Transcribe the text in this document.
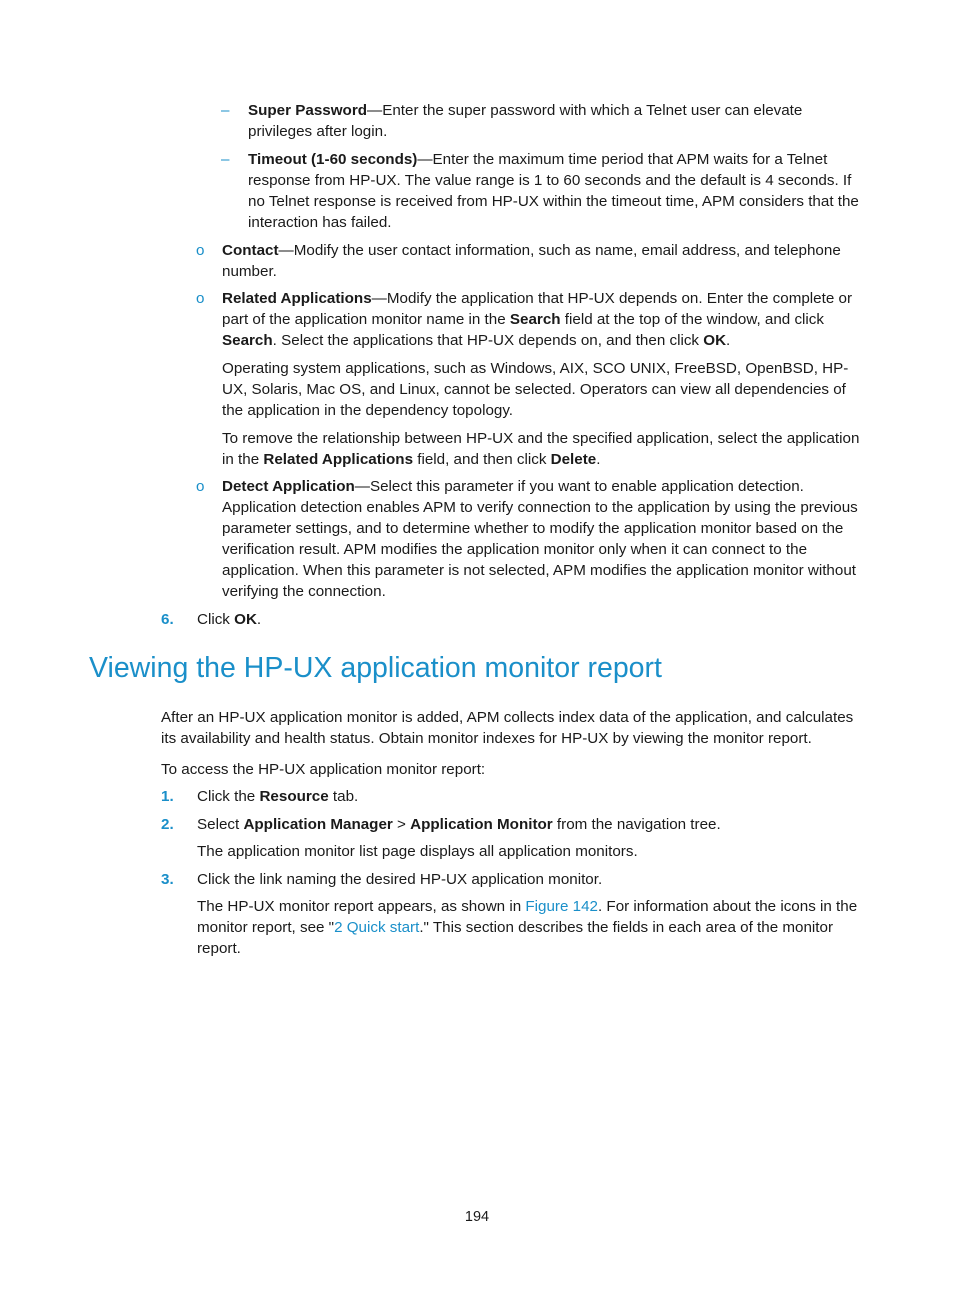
– Super Password—Enter the super password with which a Telnet user can elevate privileges after login.

– Timeout (1-60 seconds)—Enter the maximum time period that APM waits for a Telnet response from HP-UX. The value range is 1 to 60 seconds and the default is 4 seconds. If no Telnet response is received from HP-UX within the timeout time, APM considers that the interaction has failed.

o Contact—Modify the user contact information, such as name, email address, and telephone number.

o Related Applications—Modify the application that HP-UX depends on. Enter the complete or part of the application monitor name in the Search field at the top of the window, and click Search. Select the applications that HP-UX depends on, and then click OK.

Operating system applications, such as Windows, AIX, SCO UNIX, FreeBSD, OpenBSD, HP-UX, Solaris, Mac OS, and Linux, cannot be selected. Operators can view all dependencies of the application in the dependency topology.

To remove the relationship between HP-UX and the specified application, select the application in the Related Applications field, and then click Delete.

o Detect Application—Select this parameter if you want to enable application detection. Application detection enables APM to verify connection to the application by using the previous parameter settings, and to determine whether to modify the application monitor based on the verification result. APM modifies the application monitor only when it can connect to the application. When this parameter is not selected, APM modifies the application monitor without verifying the connection.

6. Click OK.

Viewing the HP-UX application monitor report

After an HP-UX application monitor is added, APM collects index data of the application, and calculates its availability and health status. Obtain monitor indexes for HP-UX by viewing the monitor report.

To access the HP-UX application monitor report:

1. Click the Resource tab.

2. Select Application Manager > Application Monitor from the navigation tree.

The application monitor list page displays all application monitors.

3. Click the link naming the desired HP-UX application monitor.

The HP-UX monitor report appears, as shown in Figure 142. For information about the icons in the monitor report, see "2 Quick start." This section describes the fields in each area of the monitor report.

194
